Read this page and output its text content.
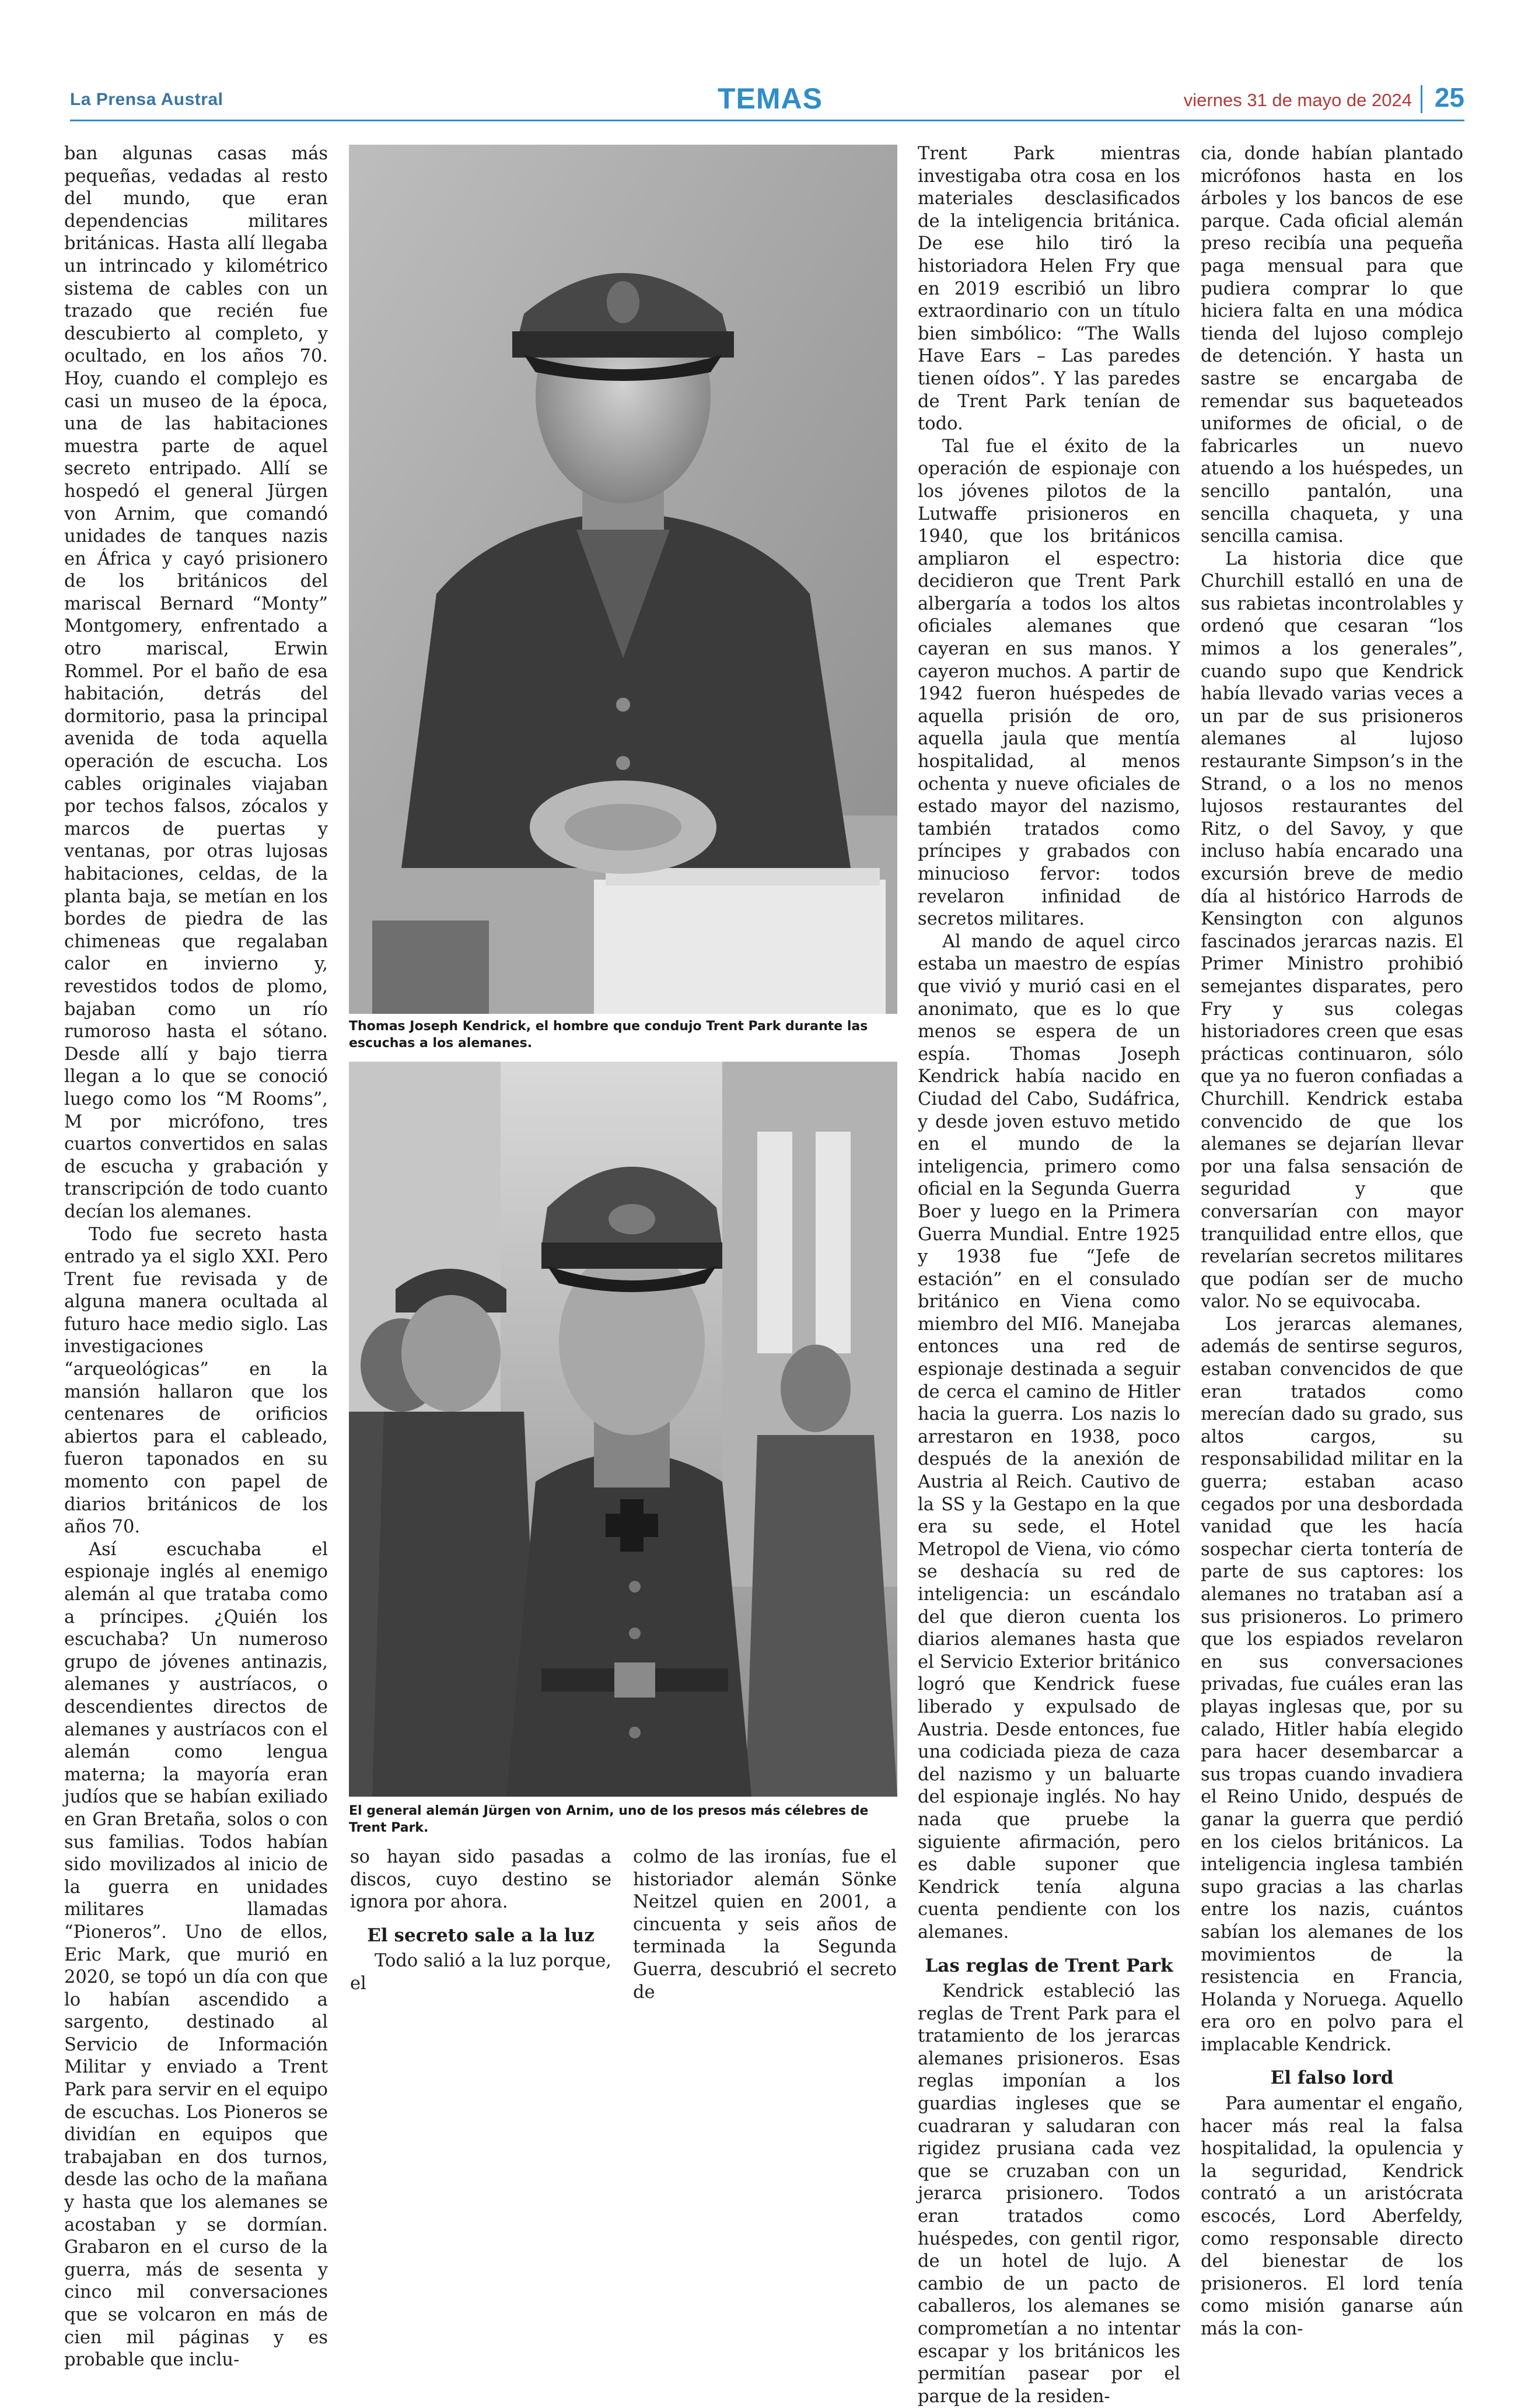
La Prensa Austral	TEMAS	viernes 31 de mayo de 2024 25

ban algunas casas más pequeñas, vedadas al resto del mundo, que eran dependencias militares británicas. Hasta allí llegaba un intrincado y kilométrico sistema de cables con un trazado que recién fue descubierto al completo, y ocultado, en los años 70. Hoy, cuando el complejo es casi un museo de la época, una de las habitaciones muestra parte de aquel secreto entripado. Allí se hospedó el general Jürgen von Arnim, que comandó unidades de tanques nazis en África y cayó prisionero de los británicos del mariscal Bernard “Monty” Montgomery, enfrentado a otro mariscal, Erwin Rommel. Por el baño de esa habitación, detrás del dormitorio, pasa la principal avenida de toda aquella operación de escucha. Los cables originales viajaban por techos falsos, zócalos y marcos de puertas y ventanas, por otras lujosas habitaciones, celdas, de la planta baja, se metían en los bordes de piedra de las chimeneas que regalaban calor en invierno y, revestidos todos de plomo, bajaban como un río rumoroso hasta el sótano. Desde allí y bajo tierra llegan a lo que se conoció luego como los “M Rooms”, M por micrófono, tres cuartos convertidos en salas de escucha y grabación y transcripción de todo cuanto decían los alemanes.

Todo fue secreto hasta entrado ya el siglo XXI. Pero Trent fue revisada y de alguna manera ocultada al futuro hace medio siglo. Las investigaciones “arqueológicas” en la mansión hallaron que los centenares de orificios abiertos para el cableado, fueron taponados en su momento con papel de diarios británicos de los años 70.

Así escuchaba el espionaje inglés al enemigo alemán al que trataba como a príncipes. ¿Quién los escuchaba? Un numeroso grupo de jóvenes antinazis, alemanes y austríacos, o descendientes directos de alemanes y austríacos con el alemán como lengua materna; la mayoría eran judíos que se habían exiliado en Gran Bretaña, solos o con sus familias. Todos habían sido movilizados al inicio de la guerra en unidades militares llamadas “Pioneros”. Uno de ellos, Eric Mark, que murió en 2020, se topó un día con que lo habían ascendido a sargento, destinado al Servicio de Información Militar y enviado a Trent Park para servir en el equipo de escuchas. Los Pioneros se dividían en equipos que trabajaban en dos turnos, desde las ocho de la mañana y hasta que los alemanes se acostaban y se dormían. Grabaron en el curso de la guerra, más de sesenta y cinco mil conversaciones que se volcaron en más de cien mil páginas y es probable que inclu-

Thomas Joseph Kendrick, el hombre que condujo Trent Park durante las escuchas a los alemanes.
El general alemán Jürgen von Arnim, uno de los presos más célebres de Trent Park.

so hayan sido pasadas a discos, cuyo destino se ignora por ahora.

El secreto sale a la luz

Todo salió a la luz porque, el

colmo de las ironías, fue el historiador alemán Sönke Neitzel quien en 2001, a cincuenta y seis años de terminada la Segunda Guerra, descubrió el secreto de

Trent Park mientras investigaba otra cosa en los materiales desclasificados de la inteligencia británica. De ese hilo tiró la historiadora Helen Fry que en 2019 escribió un libro extraordinario con un título bien simbólico: “The Walls Have Ears – Las paredes tienen oídos”. Y las paredes de Trent Park tenían de todo.

Tal fue el éxito de la operación de espionaje con los jóvenes pilotos de la Lutwaffe prisioneros en 1940, que los británicos ampliaron el espectro: decidieron que Trent Park albergaría a todos los altos oficiales alemanes que cayeran en sus manos. Y cayeron muchos. A partir de 1942 fueron huéspedes de aquella prisión de oro, aquella jaula que mentía hospitalidad, al menos ochenta y nueve oficiales de estado mayor del nazismo, también tratados como príncipes y grabados con minucioso fervor: todos revelaron infinidad de secretos militares.

Al mando de aquel circo estaba un maestro de espías que vivió y murió casi en el anonimato, que es lo que menos se espera de un espía. Thomas Joseph Kendrick había nacido en Ciudad del Cabo, Sudáfrica, y desde joven estuvo metido en el mundo de la inteligencia, primero como oficial en la Segunda Guerra Boer y luego en la Primera Guerra Mundial. Entre 1925 y 1938 fue “Jefe de estación” en el consulado británico en Viena como miembro del MI6. Manejaba entonces una red de espionaje destinada a seguir de cerca el camino de Hitler hacia la guerra. Los nazis lo arrestaron en 1938, poco después de la anexión de Austria al Reich. Cautivo de la SS y la Gestapo en la que era su sede, el Hotel Metropol de Viena, vio cómo se deshacía su red de inteligencia: un escándalo del que dieron cuenta los diarios alemanes hasta que el Servicio Exterior británico logró que Kendrick fuese liberado y expulsado de Austria. Desde entonces, fue una codiciada pieza de caza del nazismo y un baluarte del espionaje inglés. No hay nada que pruebe la siguiente afirmación, pero es dable suponer que Kendrick tenía alguna cuenta pendiente con los alemanes.

Las reglas de Trent Park

Kendrick estableció las reglas de Trent Park para el tratamiento de los jerarcas alemanes prisioneros. Esas reglas imponían a los guardias ingleses que se cuadraran y saludaran con rigidez prusiana cada vez que se cruzaban con un jerarca prisionero. Todos eran tratados como huéspedes, con gentil rigor, de un hotel de lujo. A cambio de un pacto de caballeros, los alemanes se comprometían a no intentar escapar y los británicos les permitían pasear por el parque de la residen-

cia, donde habían plantado micrófonos hasta en los árboles y los bancos de ese parque. Cada oficial alemán preso recibía una pequeña paga mensual para que pudiera comprar lo que hiciera falta en una módica tienda del lujoso complejo de detención. Y hasta un sastre se encargaba de remendar sus baqueteados uniformes de oficial, o de fabricarles un nuevo atuendo a los huéspedes, un sencillo pantalón, una sencilla chaqueta, y una sencilla camisa.

La historia dice que Churchill estalló en una de sus rabietas incontrolables y ordenó que cesaran “los mimos a los generales”, cuando supo que Kendrick había llevado varias veces a un par de sus prisioneros alemanes al lujoso restaurante Simpson’s in the Strand, o a los no menos lujosos restaurantes del Ritz, o del Savoy, y que incluso había encarado una excursión breve de medio día al histórico Harrods de Kensington con algunos fascinados jerarcas nazis. El Primer Ministro prohibió semejantes disparates, pero Fry y sus colegas historiadores creen que esas prácticas continuaron, sólo que ya no fueron confiadas a Churchill. Kendrick estaba convencido de que los alemanes se dejarían llevar por una falsa sensación de seguridad y que conversarían con mayor tranquilidad entre ellos, que revelarían secretos militares que podían ser de mucho valor. No se equivocaba.

Los jerarcas alemanes, además de sentirse seguros, estaban convencidos de que eran tratados como merecían dado su grado, sus altos cargos, su responsabilidad militar en la guerra; estaban acaso cegados por una desbordada vanidad que les hacía sospechar cierta tontería de parte de sus captores: los alemanes no trataban así a sus prisioneros. Lo primero que los espiados revelaron en sus conversaciones privadas, fue cuáles eran las playas inglesas que, por su calado, Hitler había elegido para hacer desembarcar a sus tropas cuando invadiera el Reino Unido, después de ganar la guerra que perdió en los cielos británicos. La inteligencia inglesa también supo gracias a las charlas entre los nazis, cuántos sabían los alemanes de los movimientos de la resistencia en Francia, Holanda y Noruega. Aquello era oro en polvo para el implacable Kendrick.

El falso lord

Para aumentar el engaño, hacer más real la falsa hospitalidad, la opulencia y la seguridad, Kendrick contrató a un aristócrata escocés, Lord Aberfeldy, como responsable directo del bienestar de los prisioneros. El lord tenía como misión ganarse aún más la con-
